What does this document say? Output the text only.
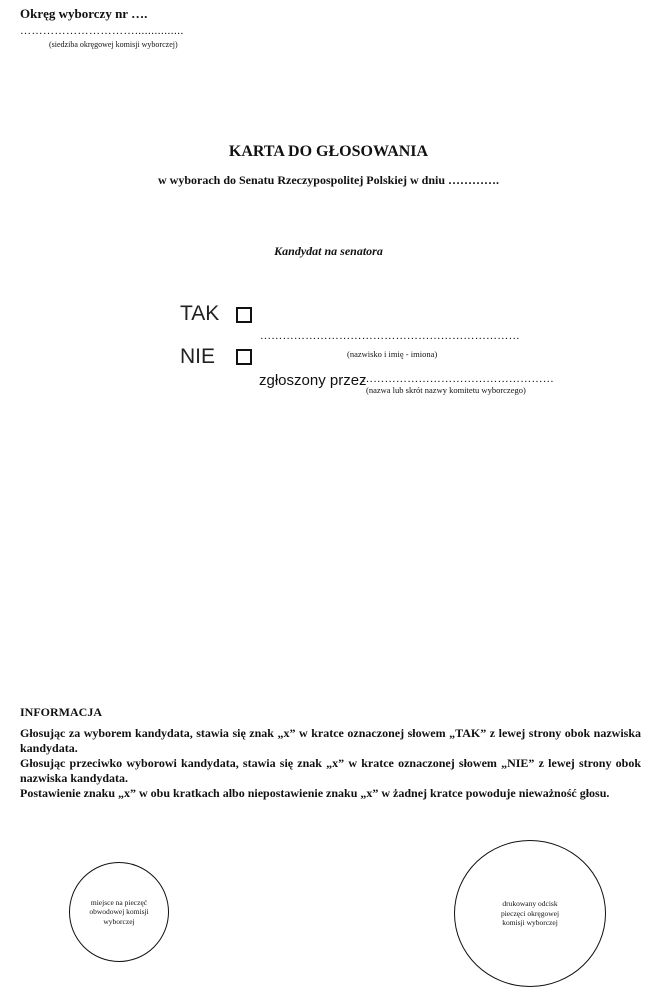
Okręg wyborczy nr ….
…………………………...............
(siedziba okręgowej komisji wyborczej)
KARTA DO GŁOSOWANIA
w wyborach do Senatu Rzeczypospolitej Polskiej w dniu ………….
Kandydat na senatora
TAK
NIE
……………………………………………………………
(nazwisko i imię - imiona)
zgłoszony przez
……………………………………………
(nazwa lub skrót nazwy komitetu wyborczego)
INFORMACJA

Głosując za wyborem kandydata, stawia się znak „x” w kratce oznaczonej słowem „TAK” z lewej strony obok nazwiska kandydata.

Głosując przeciwko wyborowi kandydata, stawia się znak „x” w kratce oznaczonej słowem „NIE” z lewej strony obok nazwiska kandydata.

Postawienie znaku „x” w obu kratkach albo niepostawienie znaku „x” w żadnej kratce powoduje nieważność głosu.

miejsce na pieczęć obwodowej komisji wyborczej
drukowany odcisk pieczęci okręgowej komisji wyborczej
